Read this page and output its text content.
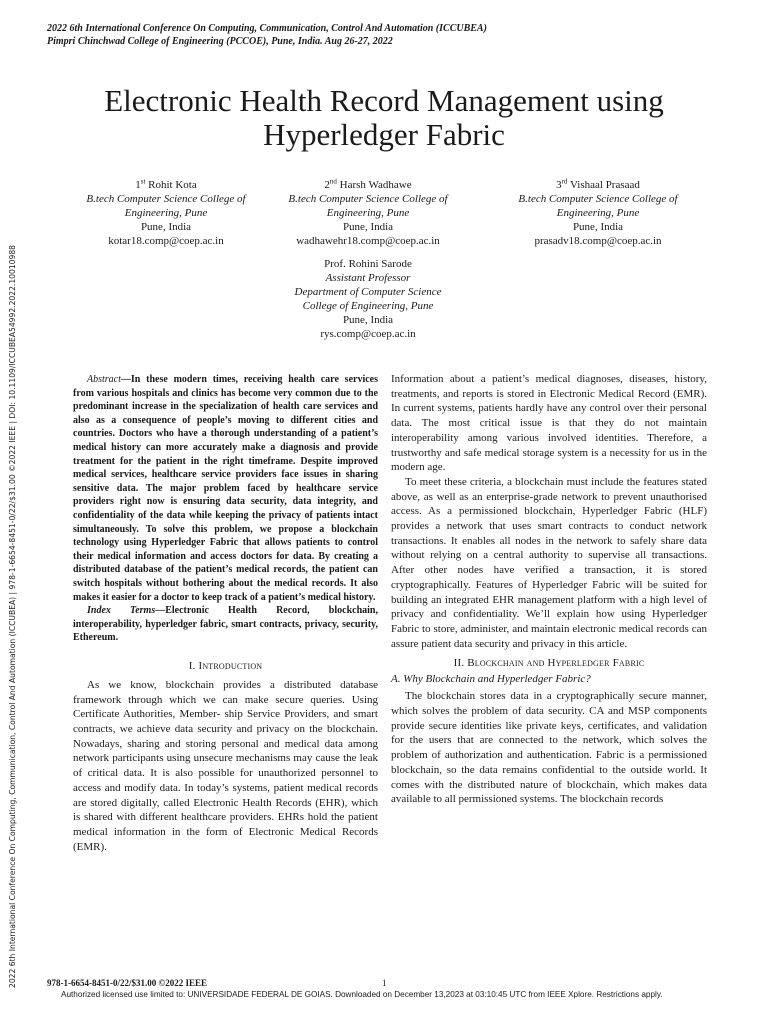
2022 6th International Conference On Computing, Communication, Control And Automation (ICCUBEA)
Pimpri Chinchwad College of Engineering (PCCOE), Pune, India. Aug 26-27, 2022
2022 6th International Conference On Computing, Communication, Control And Automation (ICCUBEA) | 978-1-6654-8451-0/22/$31.00 ©2022 IEEE | DOI: 10.1109/ICCUBEA54992.2022.10010988
Electronic Health Record Management using
Hyperledger Fabric
1st Rohit Kota
B.tech Computer Science College of
Engineering, Pune
Pune, India
kotar18.comp@coep.ac.in
2nd Harsh Wadhawe
B.tech Computer Science College of
Engineering, Pune
Pune, India
wadhawehr18.comp@coep.ac.in
3rd Vishaal Prasaad
B.tech Computer Science College of
Engineering, Pune
Pune, India
prasadv18.comp@coep.ac.in
Prof. Rohini Sarode
Assistant Professor
Department of Computer Science
College of Engineering, Pune
Pune, India
rys.comp@coep.ac.in

Abstract—In these modern times, receiving health care services from various hospitals and clinics has become very common due to the predominant increase in the specialization of health care services and also as a consequence of people’s moving to different cities and countries. Doctors who have a thorough understanding of a patient’s medical history can more accurately make a diagnosis and provide treatment for the patient in the right timeframe. Despite improved medical services, healthcare service providers face issues in sharing sensitive data. The major problem faced by healthcare service providers right now is ensuring data security, data integrity, and confidentiality of the data while keeping the privacy of patients intact simultaneously. To solve this problem, we propose a blockchain technology using Hyperledger Fabric that allows patients to control their medical information and access doctors for data. By creating a distributed database of the patient’s medical records, the patient can switch hospitals without bothering about the medical records. It also makes it easier for a doctor to keep track of a patient’s medical history.

Index Terms—Electronic Health Record, blockchain, interoperability, hyperledger fabric, smart contracts, privacy, security, Ethereum.

I. Introduction

As we know, blockchain provides a distributed database framework through which we can make secure queries. Using Certificate Authorities, Member- ship Service Providers, and smart contracts, we achieve data security and privacy on the blockchain. Nowadays, sharing and storing personal and medical data among network participants using unsecure mechanisms may cause the leak of critical data. It is also possible for unauthorized personnel to access and modify data. In today’s systems, patient medical records are stored digitally, called Electronic Health Records (EHR), which is shared with different healthcare providers. EHRs hold the patient medical information in the form of Electronic Medical Records (EMR).

Information about a patient’s medical diagnoses, diseases, history, treatments, and reports is stored in Electronic Medical Record (EMR). In current systems, patients hardly have any control over their personal data. The most critical issue is that they do not maintain interoperability among various involved identities. Therefore, a trustworthy and safe medical storage system is a necessity for us in the modern age.

To meet these criteria, a blockchain must include the features stated above, as well as an enterprise-grade network to prevent unauthorised access. As a permissioned blockchain, Hyperledger Fabric (HLF) provides a network that uses smart contracts to conduct network transactions. It enables all nodes in the network to safely share data without relying on a central authority to supervise all transactions. After other nodes have verified a transaction, it is stored cryptographically. Features of Hyperledger Fabric will be suited for building an integrated EHR management platform with a high level of privacy and confidentiality. We’ll explain how using Hyperledger Fabric to store, administer, and maintain electronic medical records can assure patient data security and privacy in this article.

II. Blockchain and Hyperledger Fabric

A. Why Blockchain and Hyperledger Fabric?

The blockchain stores data in a cryptographically secure manner, which solves the problem of data security. CA and MSP components provide secure identities like private keys, certificates, and validation for the users that are connected to the network, which solves the problem of authorization and authentication. Fabric is a permissioned blockchain, so the data remains confidential to the outside world. It comes with the distributed nature of blockchain, which makes data available to all permissioned systems. The blockchain records

978-1-6654-8451-0/22/$31.00 ©2022 IEEE	1
Authorized licensed use limited to: UNIVERSIDADE FEDERAL DE GOIAS. Downloaded on December 13,2023 at 03:10:45 UTC from IEEE Xplore. Restrictions apply.
